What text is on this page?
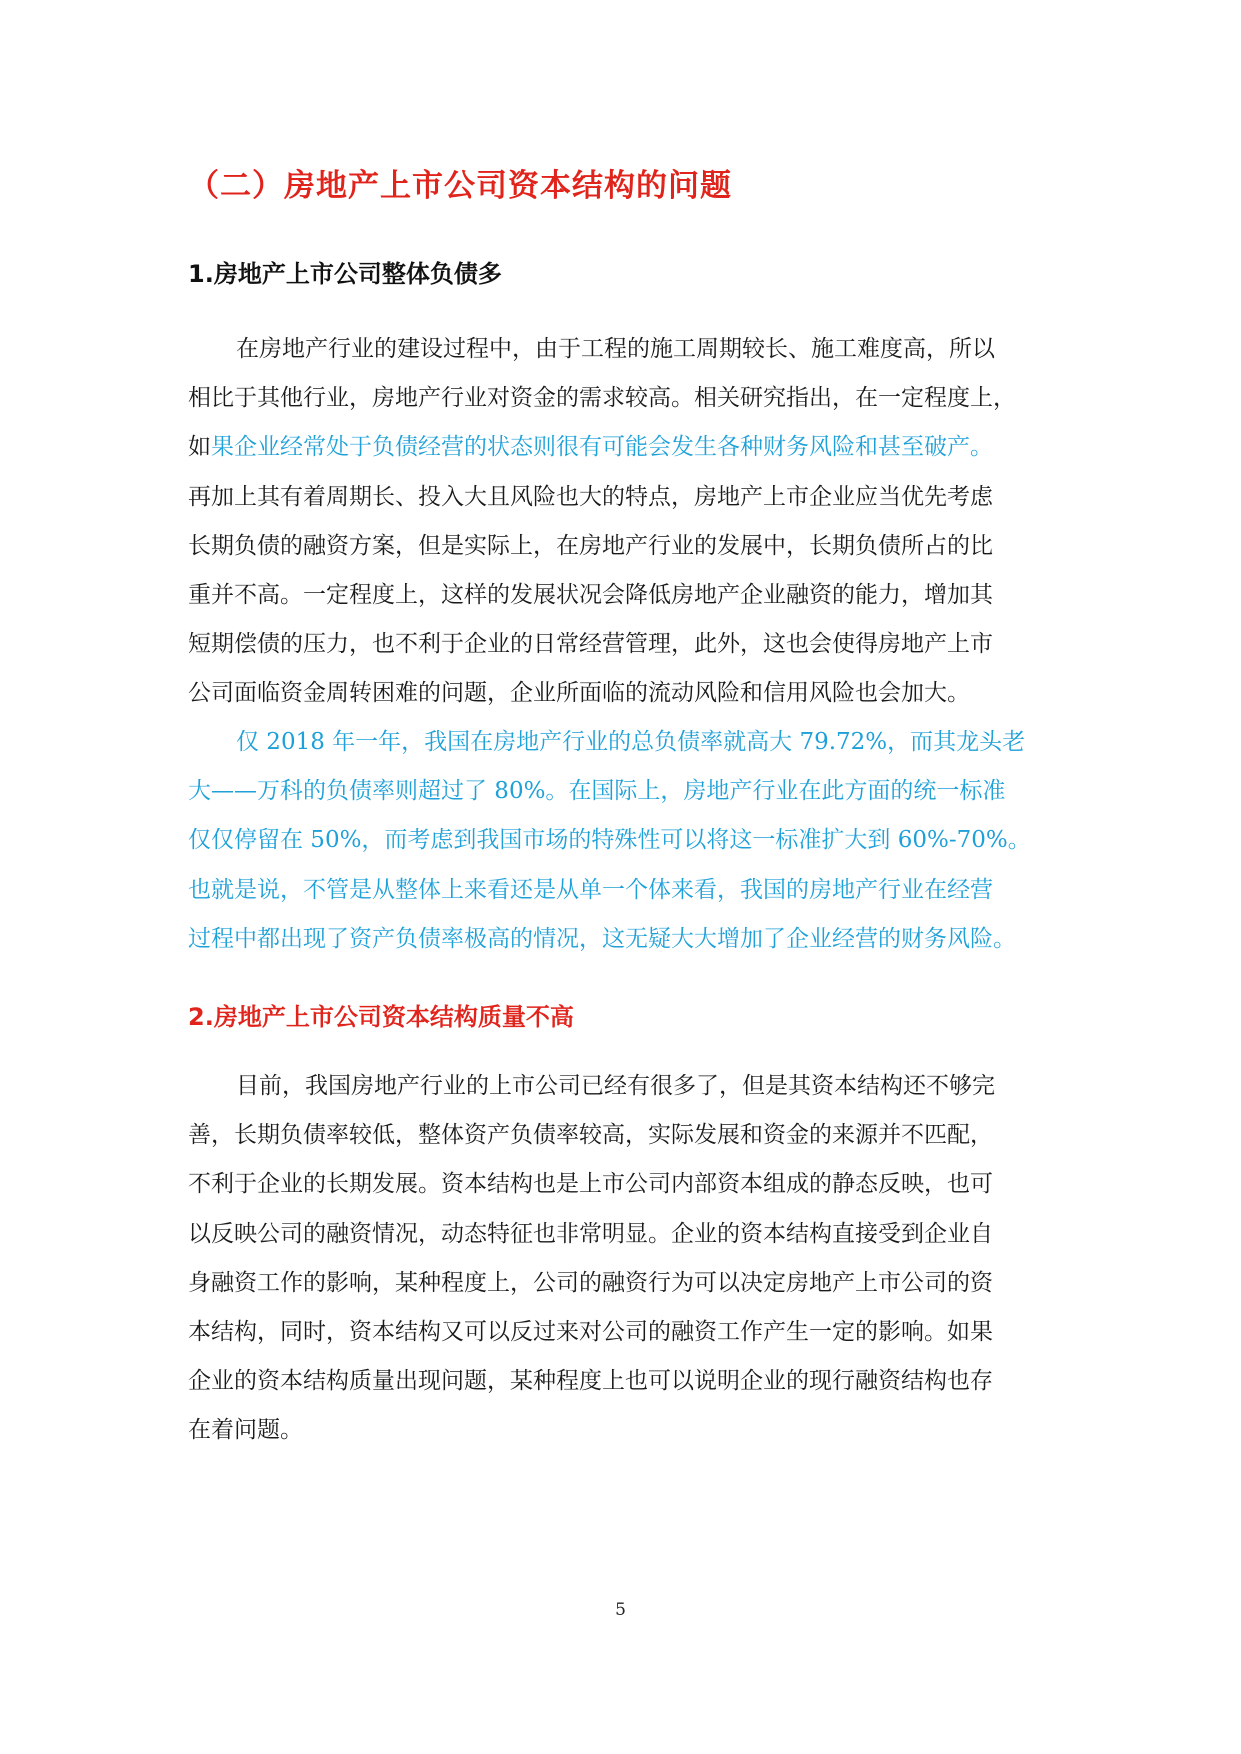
（二）房地产上市公司资本结构的问题
1.房地产上市公司整体负债多
在房地产行业的建设过程中，由于工程的施工周期较长、施工难度高，所以
相比于其他行业，房地产行业对资金的需求较高。相关研究指出，在一定程度上，
如果企业经常处于负债经营的状态则很有可能会发生各种财务风险和甚至破产。
再加上其有着周期长、投入大且风险也大的特点，房地产上市企业应当优先考虑
长期负债的融资方案，但是实际上，在房地产行业的发展中，长期负债所占的比
重并不高。一定程度上，这样的发展状况会降低房地产企业融资的能力，增加其
短期偿债的压力，也不利于企业的日常经营管理，此外，这也会使得房地产上市
公司面临资金周转困难的问题，企业所面临的流动风险和信用风险也会加大。
仅 2018 年一年，我国在房地产行业的总负债率就高大 79.72%，而其龙头老
大——万科的负债率则超过了 80%。在国际上，房地产行业在此方面的统一标准
仅仅停留在 50%，而考虑到我国市场的特殊性可以将这一标准扩大到 60%-70%。
也就是说，不管是从整体上来看还是从单一个体来看，我国的房地产行业在经营
过程中都出现了资产负债率极高的情况，这无疑大大增加了企业经营的财务风险。
2.房地产上市公司资本结构质量不高
目前，我国房地产行业的上市公司已经有很多了，但是其资本结构还不够完
善，长期负债率较低，整体资产负债率较高，实际发展和资金的来源并不匹配，
不利于企业的长期发展。资本结构也是上市公司内部资本组成的静态反映，也可
以反映公司的融资情况，动态特征也非常明显。企业的资本结构直接受到企业自
身融资工作的影响，某种程度上，公司的融资行为可以决定房地产上市公司的资
本结构，同时，资本结构又可以反过来对公司的融资工作产生一定的影响。如果
企业的资本结构质量出现问题，某种程度上也可以说明企业的现行融资结构也存
在着问题。
5
